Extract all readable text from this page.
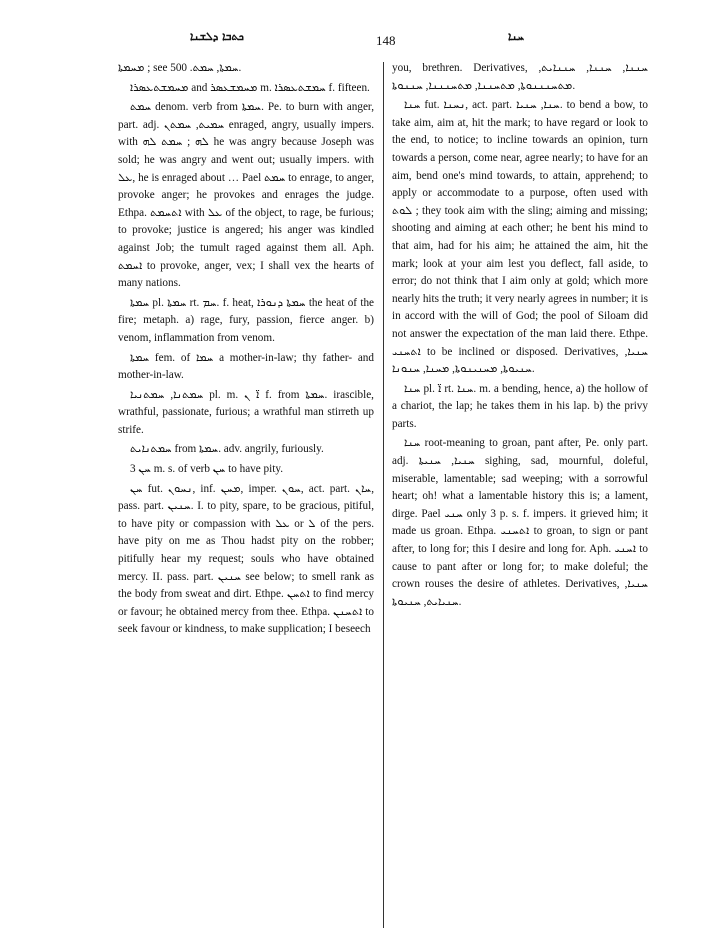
ܟܬܒܐ ܕܠܫܢܐ	148	ܚܢܐ

ܡܚܡܬܐ ; see ܚܡܬܐ, ܚܡܬ. 500.

ܡܚܡܫܬܥܣܪܐ and ܡܚܡܫܥܣܪ m. ܚܡܫܬܥܣܪܐ f. fifteen.

ܚܡܬ denom. verb from ܚܡܬܐ. Pe. to burn with anger, part. adj. ܚܡܝܬ, ܚܡܬܢ enraged, angry, usually impers. with ܠܗ ; ܚܡܬ ܠܗ he was angry because Joseph was sold; he was angry and went out; usually impers. with ܥܠ, he is enraged about … Pael ܚܡܬ to enrage, to anger, provoke anger; he provokes and enrages the judge. Ethpa. ܐܬܚܡܬ with ܥܠ of the object, to rage, be furious; to provoke; justice is angered; his anger was kindled against Job; the tumult raged against them all. Aph. ܐܚܡܬ to provoke, anger, vex; I shall vex the hearts of many nations.

ܚܡܬܐ pl. ܚܡܬܐ rt. ܚܡ. f. heat, ܚܡܬܐ ܕܢܘܪܐ the heat of the fire; metaph. a) rage, fury, passion, fierce anger. b) venom, inflammation from venom.

ܚܡܬܐ fem. of ܚܡܐ a mother-in-law; thy father- and mother-in-law.

ܚܡܬܢܐ, ܚܡܬܢܝܐ pl. m. ܐ̈ ܢ f. from ܚܡܬܐ. irascible, wrathful, passionate, furious; a wrathful man stirreth up strife.

ܚܡܬܢܐܝܬ from ܚܡܬܐ. adv. angrily, furiously.

ܚܢ 3 m. s. of verb ܚܢ to have pity.

ܚܢ fut. ܢܚܘܢ, inf. ܡܚܢ, imper. ܚܘܢ, act. part. ܚܐܢ, pass. part. ܚܢܝܢ. I. to pity, spare, to be gracious, pitiful, to have pity or compassion with ܥܠ or ܠ of the pers. have pity on me as Thou hadst pity on the robber; pitifully hear my request; souls who have obtained mercy. II. pass. part. ܚܢܝܢ see below; to smell rank as the body from sweat and dirt. Ethpe. ܐܬܚܢ to find mercy or favour; he obtained mercy from thee. Ethpa. ܐܬܚܢܢ to seek favour or kindness, to make supplication; I beseech

you, brethren. Derivatives, ܚܢܢܐ, ܚܢܢܐ, ܚܢܢܐܝܬ, ܡܬܚܢܢܢܘܬܐ, ܡܬܚܢܢܐ, ܡܬܚܢܢܢܐ, ܚܢܢܘܬܐ.

ܚܢܐ fut. ܢܚܢܐ, act. part. ܚܢܐ, ܚܢܝܐ. to bend a bow, to take aim, aim at, hit the mark; to have regard or look to the end, to notice; to incline towards an opinion, turn towards a person, come near, agree nearly; to have for an aim, bend one's mind towards, to attain, apprehend; to apply or accommodate to a purpose, often used with ܠܘܬ ; they took aim with the sling; aiming and missing; shooting and aiming at each other; he bent his mind to that aim, had for his aim; he attained the aim, hit the mark; look at your aim lest you deflect, fall aside, to error; do not think that I aim only at gold; which more nearly hits the truth; it very nearly agrees in number; it is in accord with the will of God; the pool of Siloam did not answer the expectation of the man laid there. Ethpe. ܐܬܚܢܝ to be inclined or disposed. Derivatives, ܚܢܝܐ, ܚܢܝܘܬܐ, ܡܚܢܝܢܘܬܐ, ܡܚܢܐ, ܚܢܘܢܐ.

ܚܢܐ pl. ܐ̈ rt. ܚܢܐ. m. a bending, hence, a) the hollow of a chariot, the lap; he takes them in his lap. b) the privy parts.

ܚܢܐ root-meaning to groan, pant after, Pe. only part. adj. ܚܢܝܐ, ܚܢܝܬܐ sighing, sad, mournful, doleful, miserable, lamentable; sad weeping; with a sorrowful heart; oh! what a lamentable history this is; a lament, dirge. Pael ܚܢܝ only 3 p. s. f. impers. it grieved him; it made us groan. Ethpa. ܐܬܚܢܝ to groan, to sign or pant after, to long for; this I desire and long for. Aph. ܐܚܢܝ to cause to pant after or long for; to make doleful; the crown rouses the desire of athletes. Derivatives, ܚܢܝܐ, ܚܢܝܐܝܬ, ܚܢܝܘܬܐ.
